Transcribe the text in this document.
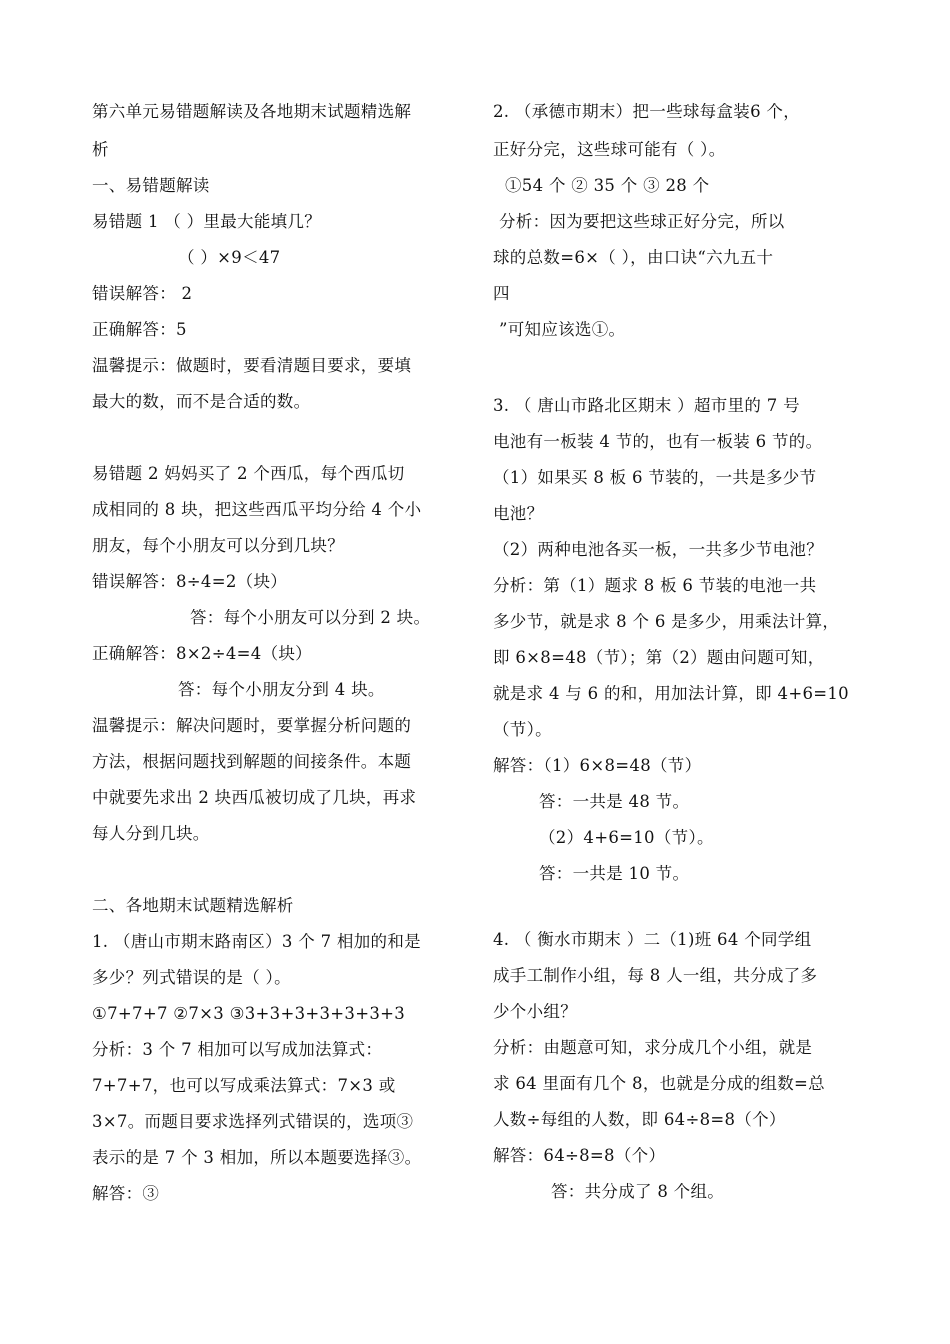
第六单元易错题解读及各地期末试题精选解
析
一、易错题解读
易错题 1 （ ）里最大能填几？
（ ）×9＜47
错误解答： 2
正确解答：5
温馨提示：做题时，要看清题目要求，要填
最大的数，而不是合适的数。
易错题 2 妈妈买了 2 个西瓜，每个西瓜切
成相同的 8 块，把这些西瓜平均分给 4 个小
朋友，每个小朋友可以分到几块？
错误解答：8÷4=2（块）
答：每个小朋友可以分到 2 块。
正确解答：8×2÷4=4（块）
答：每个小朋友分到 4 块。
温馨提示：解决问题时，要掌握分析问题的
方法，根据问题找到解题的间接条件。本题
中就要先求出 2 块西瓜被切成了几块，再求
每人分到几块。
二、各地期末试题精选解析
1. （唐山市期末路南区）3 个 7 相加的和是
多少？列式错误的是（ ）。
①7+7+7 ②7×3 ③3+3+3+3+3+3+3
分析：3 个 7 相加可以写成加法算式：
7+7+7，也可以写成乘法算式：7×3 或
3×7。而题目要求选择列式错误的，选项③
表示的是 7 个 3 相加，所以本题要选择③。
解答：③
2. （承德市期末）把一些球每盒装6 个，
正好分完，这些球可能有（ ）。
①54 个 ② 35 个 ③ 28 个
分析：因为要把这些球正好分完，所以
球的总数=6×（ ），由口诀“六九五十
四
”可知应该选①。
3. （ 唐山市路北区期末 ）超市里的 7 号
电池有一板装 4 节的，也有一板装 6 节的。
（1）如果买 8 板 6 节装的，一共是多少节
电池？
（2）两种电池各买一板，一共多少节电池？
分析：第（1）题求 8 板 6 节装的电池一共
多少节，就是求 8 个 6 是多少，用乘法计算，
即 6×8=48（节）；第（2）题由问题可知，
就是求 4 与 6 的和，用加法计算，即 4+6=10
（节）。
解答：（1）6×8=48（节）
答：一共是 48 节。
（2）4+6=10（节）。
答：一共是 10 节。
4. （ 衡水市期末 ）二（1)班 64 个同学组
成手工制作小组，每 8 人一组，共分成了多
少个小组？
分析：由题意可知，求分成几个小组，就是
求 64 里面有几个 8，也就是分成的组数=总
人数÷每组的人数，即 64÷8=8（个）
解答：64÷8=8（个）
答：共分成了 8 个组。
